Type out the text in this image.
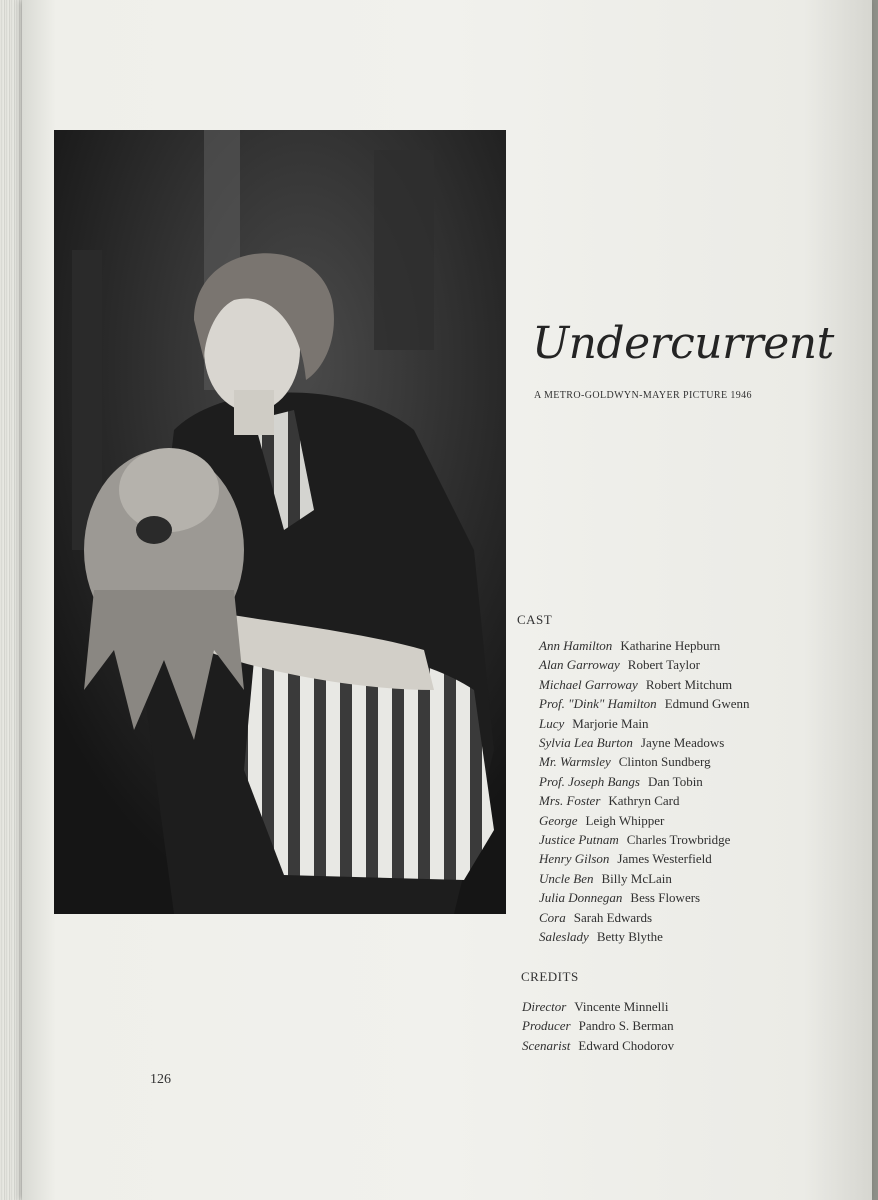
Undercurrent
A METRO-GOLDWYN-MAYER PICTURE 1946
CAST
Ann Hamilton Katharine Hepburn
Alan Garroway Robert Taylor
Michael Garroway Robert Mitchum
Prof. "Dink" Hamilton Edmund Gwenn
Lucy Marjorie Main
Sylvia Lea Burton Jayne Meadows
Mr. Warmsley Clinton Sundberg
Prof. Joseph Bangs Dan Tobin
Mrs. Foster Kathryn Card
George Leigh Whipper
Justice Putnam Charles Trowbridge
Henry Gilson James Westerfield
Uncle Ben Billy McLain
Julia Donnegan Bess Flowers
Cora Sarah Edwards
Saleslady Betty Blythe
CREDITS
Director Vincente Minnelli
Producer Pandro S. Berman
Scenarist Edward Chodorov
126
